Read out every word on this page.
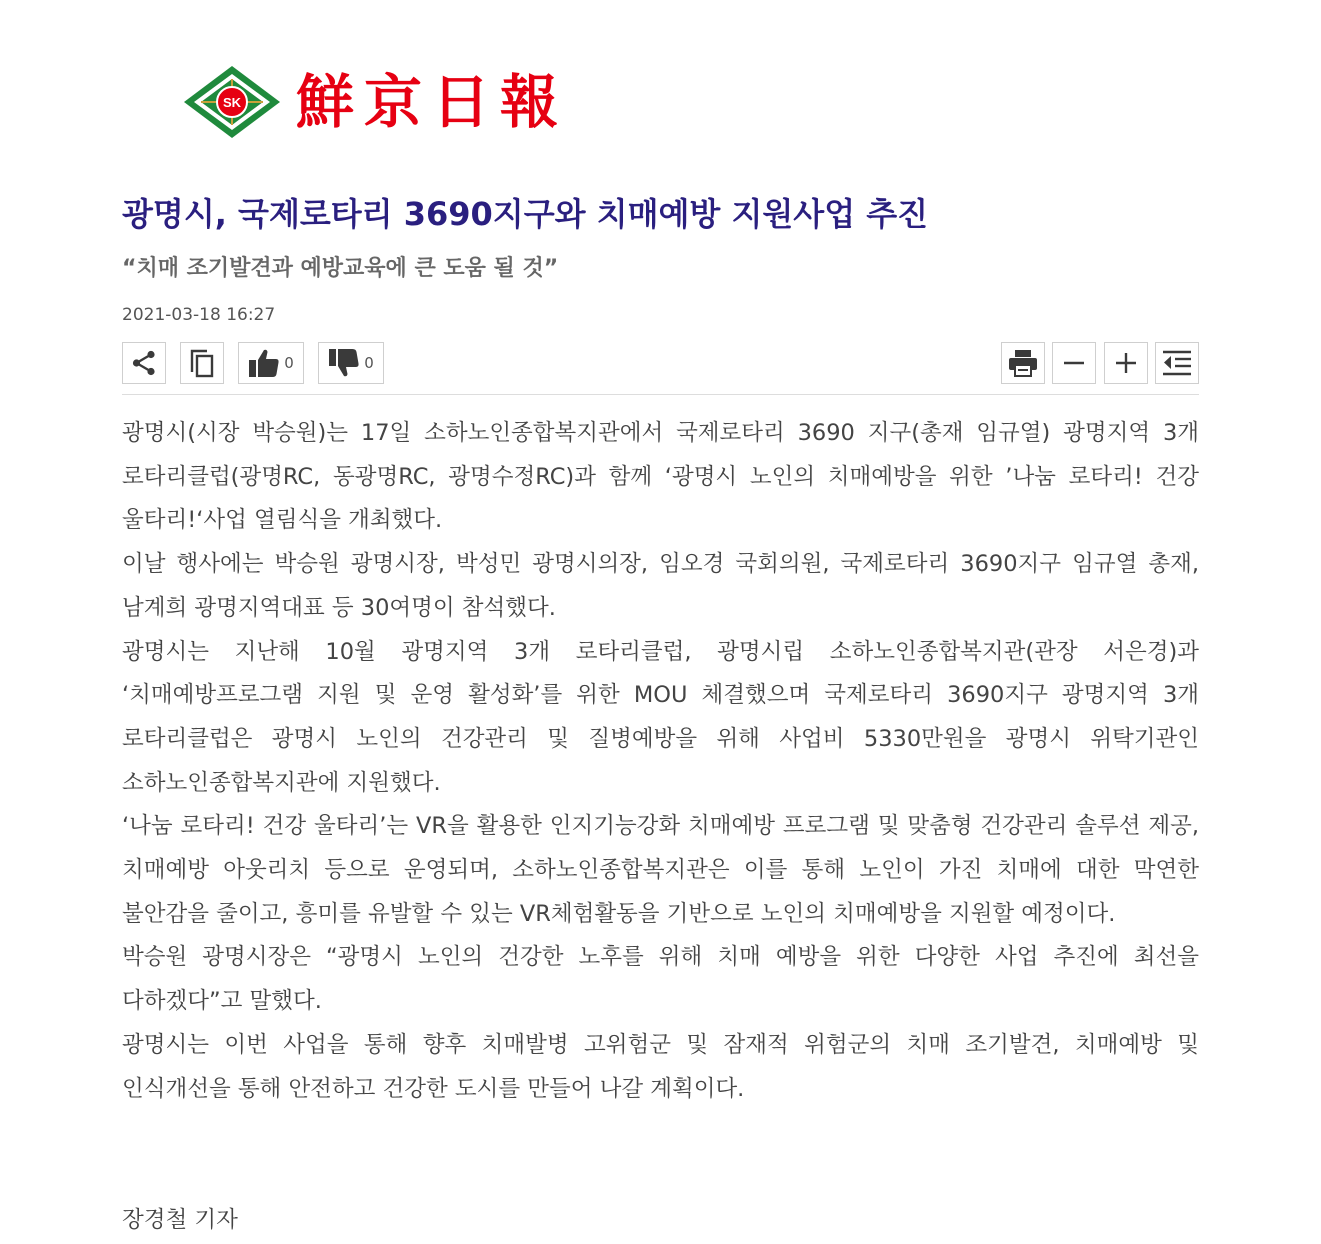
SK 鮮京日報
광명시, 국제로타리 3690지구와 치매예방 지원사업 추진
“치매 조기발견과 예방교육에 큰 도움 될 것”
2021-03-18 16:27
0	0

광명시(시장 박승원)는 17일 소하노인종합복지관에서 국제로타리 3690 지구(총재 임규열) 광명지역 3개 로타리클럽(광명RC, 동광명RC, 광명수정RC)과 함께 ‘광명시 노인의 치매예방을 위한 ’나눔 로타리! 건강 울타리!‘사업 열림식을 개최했다.

이날 행사에는 박승원 광명시장, 박성민 광명시의장, 임오경 국회의원, 국제로타리 3690지구 임규열 총재, 남계희 광명지역대표 등 30여명이 참석했다.

광명시는 지난해 10월 광명지역 3개 로타리클럽, 광명시립 소하노인종합복지관(관장 서은경)과 ‘치매예방프로그램 지원 및 운영 활성화’를 위한 MOU 체결했으며 국제로타리 3690지구 광명지역 3개 로타리클럽은 광명시 노인의 건강관리 및 질병예방을 위해 사업비 5330만원을 광명시 위탁기관인 소하노인종합복지관에 지원했다.

‘나눔 로타리! 건강 울타리’는 VR을 활용한 인지기능강화 치매예방 프로그램 및 맞춤형 건강관리 솔루션 제공, 치매예방 아웃리치 등으로 운영되며, 소하노인종합복지관은 이를 통해 노인이 가진 치매에 대한 막연한 불안감을 줄이고, 흥미를 유발할 수 있는 VR체험활동을 기반으로 노인의 치매예방을 지원할 예정이다.

박승원 광명시장은 “광명시 노인의 건강한 노후를 위해 치매 예방을 위한 다양한 사업 추진에 최선을 다하겠다”고 말했다.

광명시는 이번 사업을 통해 향후 치매발병 고위험군 및 잠재적 위험군의 치매 조기발견, 치매예방 및 인식개선을 통해 안전하고 건강한 도시를 만들어 나갈 계획이다.

장경철 기자
